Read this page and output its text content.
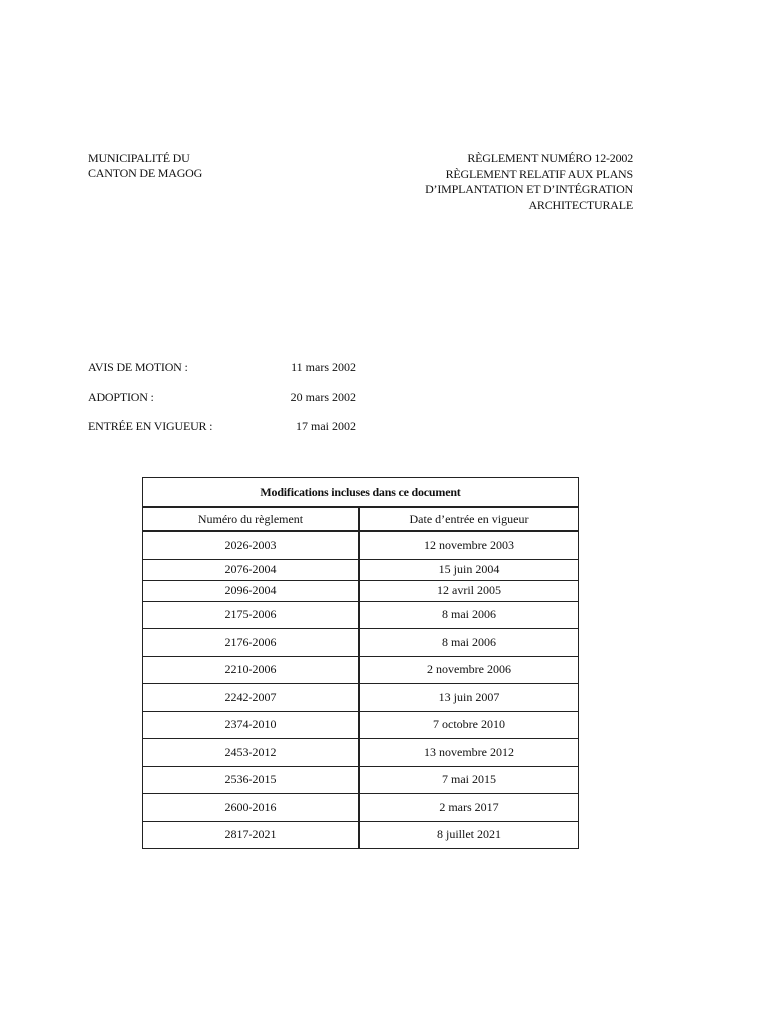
MUNICIPALITÉ DU
CANTON DE MAGOG
RÈGLEMENT NUMÉRO 12-2002
RÈGLEMENT RELATIF AUX PLANS
D’IMPLANTATION ET D’INTÉGRATION
ARCHITECTURALE
AVIS DE MOTION :	11 mars 2002
ADOPTION :	20 mars 2002
ENTRÉE EN VIGUEUR :	17 mai 2002
Modifications incluses dans ce document	
Numéro du règlement	Date d’entrée en vigueur
2026-2003	12 novembre 2003
2076-2004	15 juin 2004
2096-2004	12 avril 2005
2175-2006	8 mai 2006
2176-2006	8 mai 2006
2210-2006	2 novembre 2006
2242-2007	13 juin 2007
2374-2010	7 octobre 2010
2453-2012	13 novembre 2012
2536-2015	7 mai 2015
2600-2016	2 mars 2017
2817-2021	8 juillet 2021
